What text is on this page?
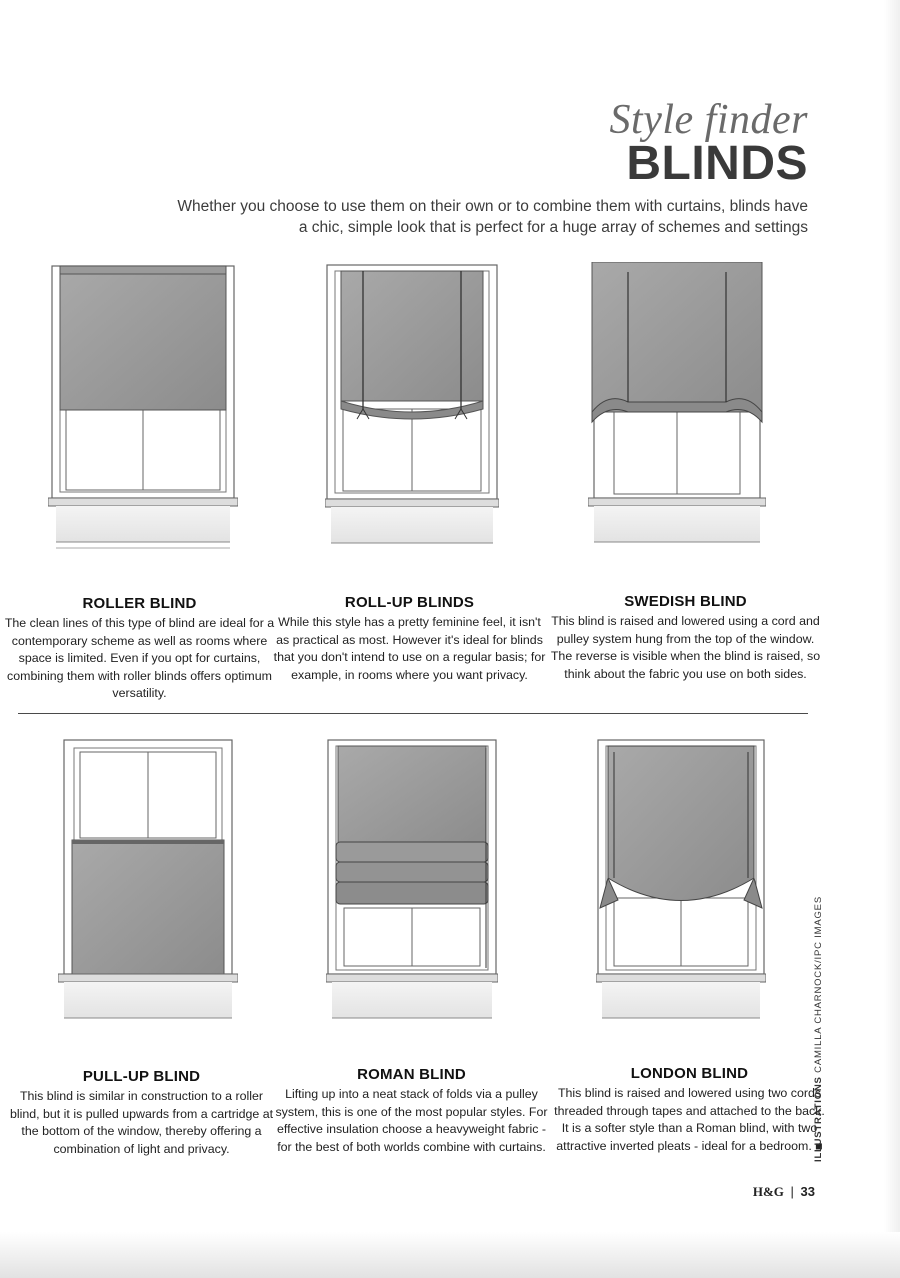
Style finder
BLINDS
Whether you choose to use them on their own or to combine them with curtains, blinds have a chic, simple look that is perfect for a huge array of schemes and settings
ROLLER BLIND
The clean lines of this type of blind are ideal for a contemporary scheme as well as rooms where space is limited. Even if you opt for curtains, combining them with roller blinds offers optimum versatility.
ROLL-UP BLINDS
While this style has a pretty feminine feel, it isn't as practical as most. However it's ideal for blinds that you don't intend to use on a regular basis; for example, in rooms where you want privacy.
SWEDISH BLIND
This blind is raised and lowered using a cord and pulley system hung from the top of the window. The reverse is visible when the blind is raised, so think about the fabric you use on both sides.
PULL-UP BLIND
This blind is similar in construction to a roller blind, but it is pulled upwards from a cartridge at the bottom of the window, thereby offering a combination of light and privacy.
ROMAN BLIND
Lifting up into a neat stack of folds via a pulley system, this is one of the most popular styles. For effective insulation choose a heavyweight fabric - for the best of both worlds combine with curtains.
LONDON BLIND
This blind is raised and lowered using two cords threaded through tapes and attached to the back. It is a softer style than a Roman blind, with two attractive inverted pleats - ideal for a bedroom. ■
ILLUSTRATIONS CAMILLA CHARNOCK/IPC IMAGES
H&G | 33
